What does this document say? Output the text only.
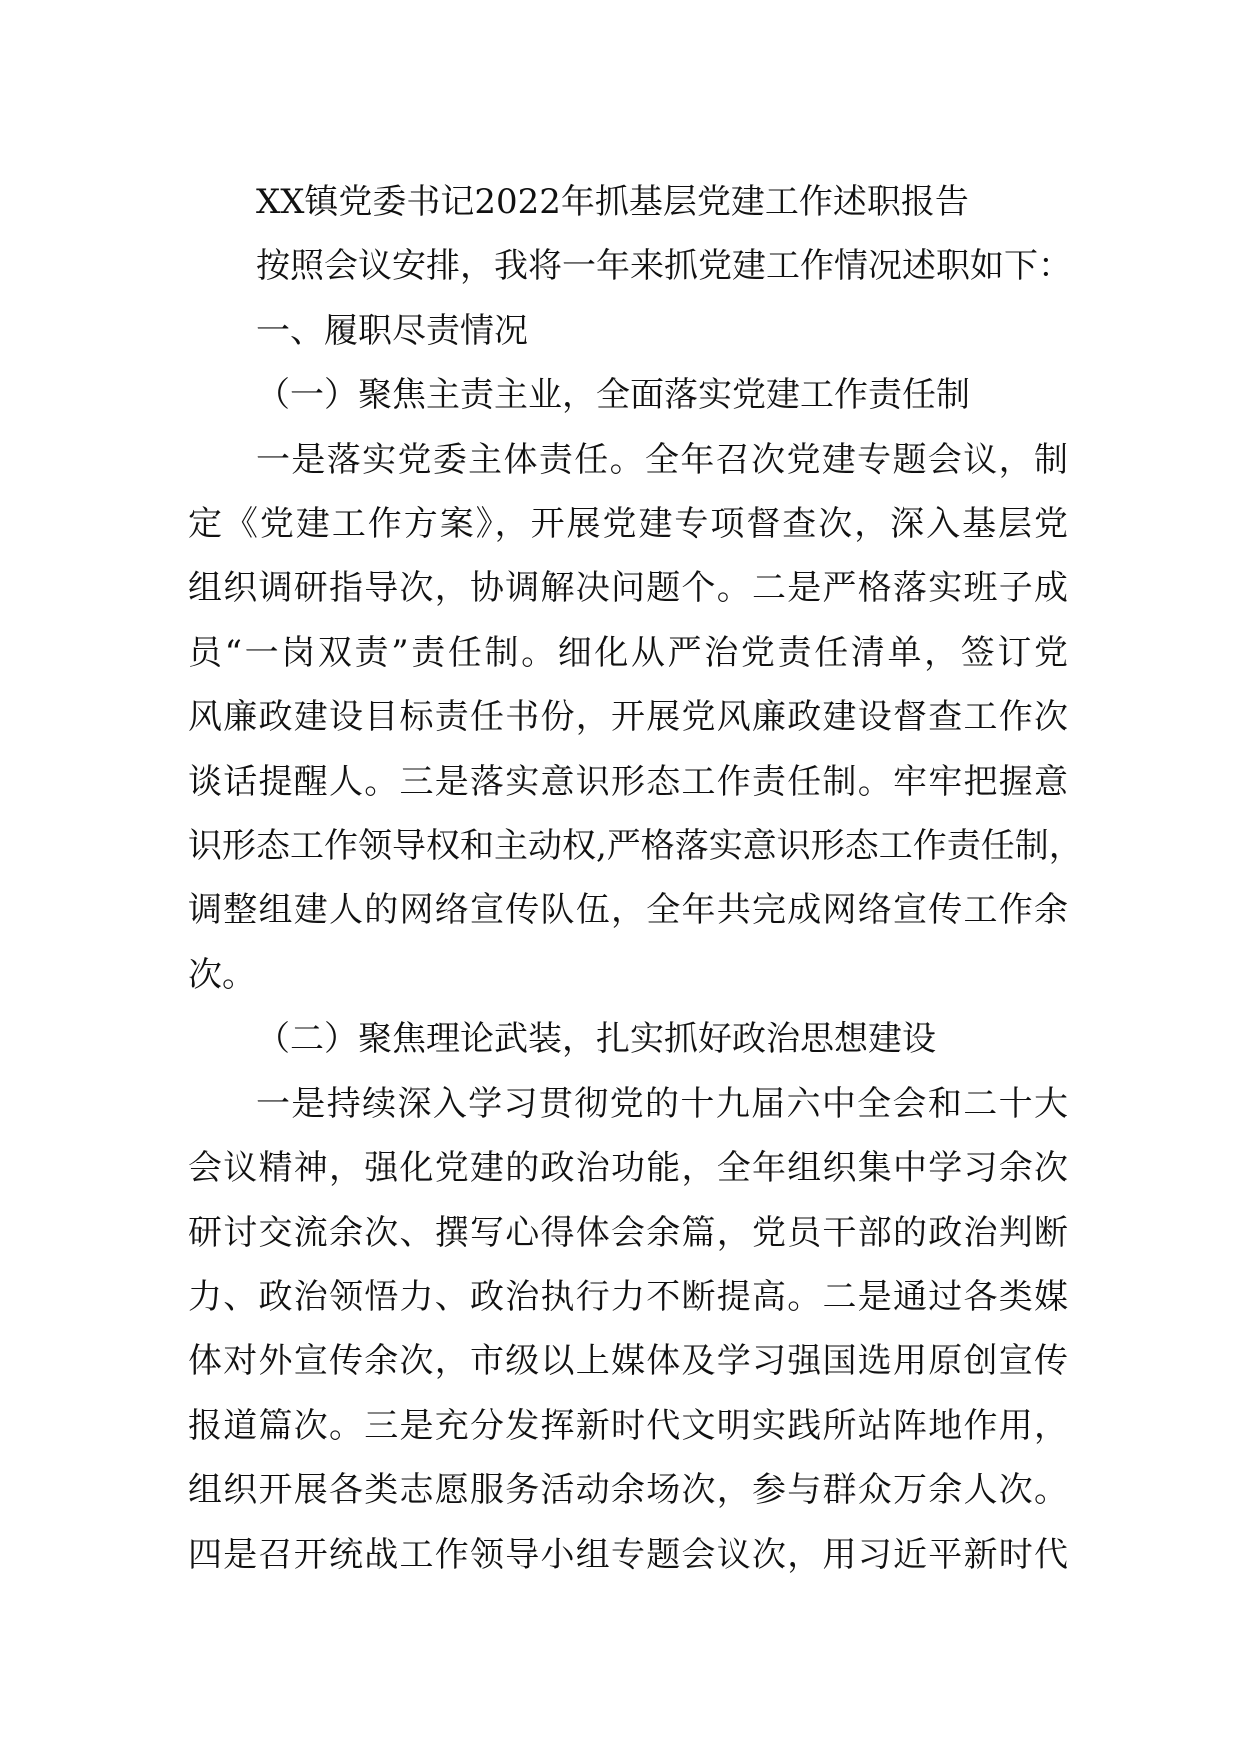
XX镇党委书记2022年抓基层党建工作述职报告

按照会议安排，我将一年来抓党建工作情况述职如下：

一、履职尽责情况

（一）聚焦主责主业，全面落实党建工作责任制

一是落实党委主体责任。全年召次党建专题会议，制
定《党建工作方案》，开展党建专项督查次，深入基层党
组织调研指导次，协调解决问题个。二是严格落实班子成
员“一岗双责”责任制。细化从严治党责任清单，签订党
风廉政建设目标责任书份，开展党风廉政建设督查工作次
谈话提醒人。三是落实意识形态工作责任制。牢牢把握意
识形态工作领导权和主动权,严格落实意识形态工作责任制，
调整组建人的网络宣传队伍，全年共完成网络宣传工作余
次。

（二）聚焦理论武装，扎实抓好政治思想建设

一是持续深入学习贯彻党的十九届六中全会和二十大
会议精神，强化党建的政治功能，全年组织集中学习余次
研讨交流余次、撰写心得体会余篇，党员干部的政治判断
力、政治领悟力、政治执行力不断提高。二是通过各类媒
体对外宣传余次，市级以上媒体及学习强国选用原创宣传
报道篇次。三是充分发挥新时代文明实践所站阵地作用，
组织开展各类志愿服务活动余场次，参与群众万余人次。
四是召开统战工作领导小组专题会议次，用习近平新时代
